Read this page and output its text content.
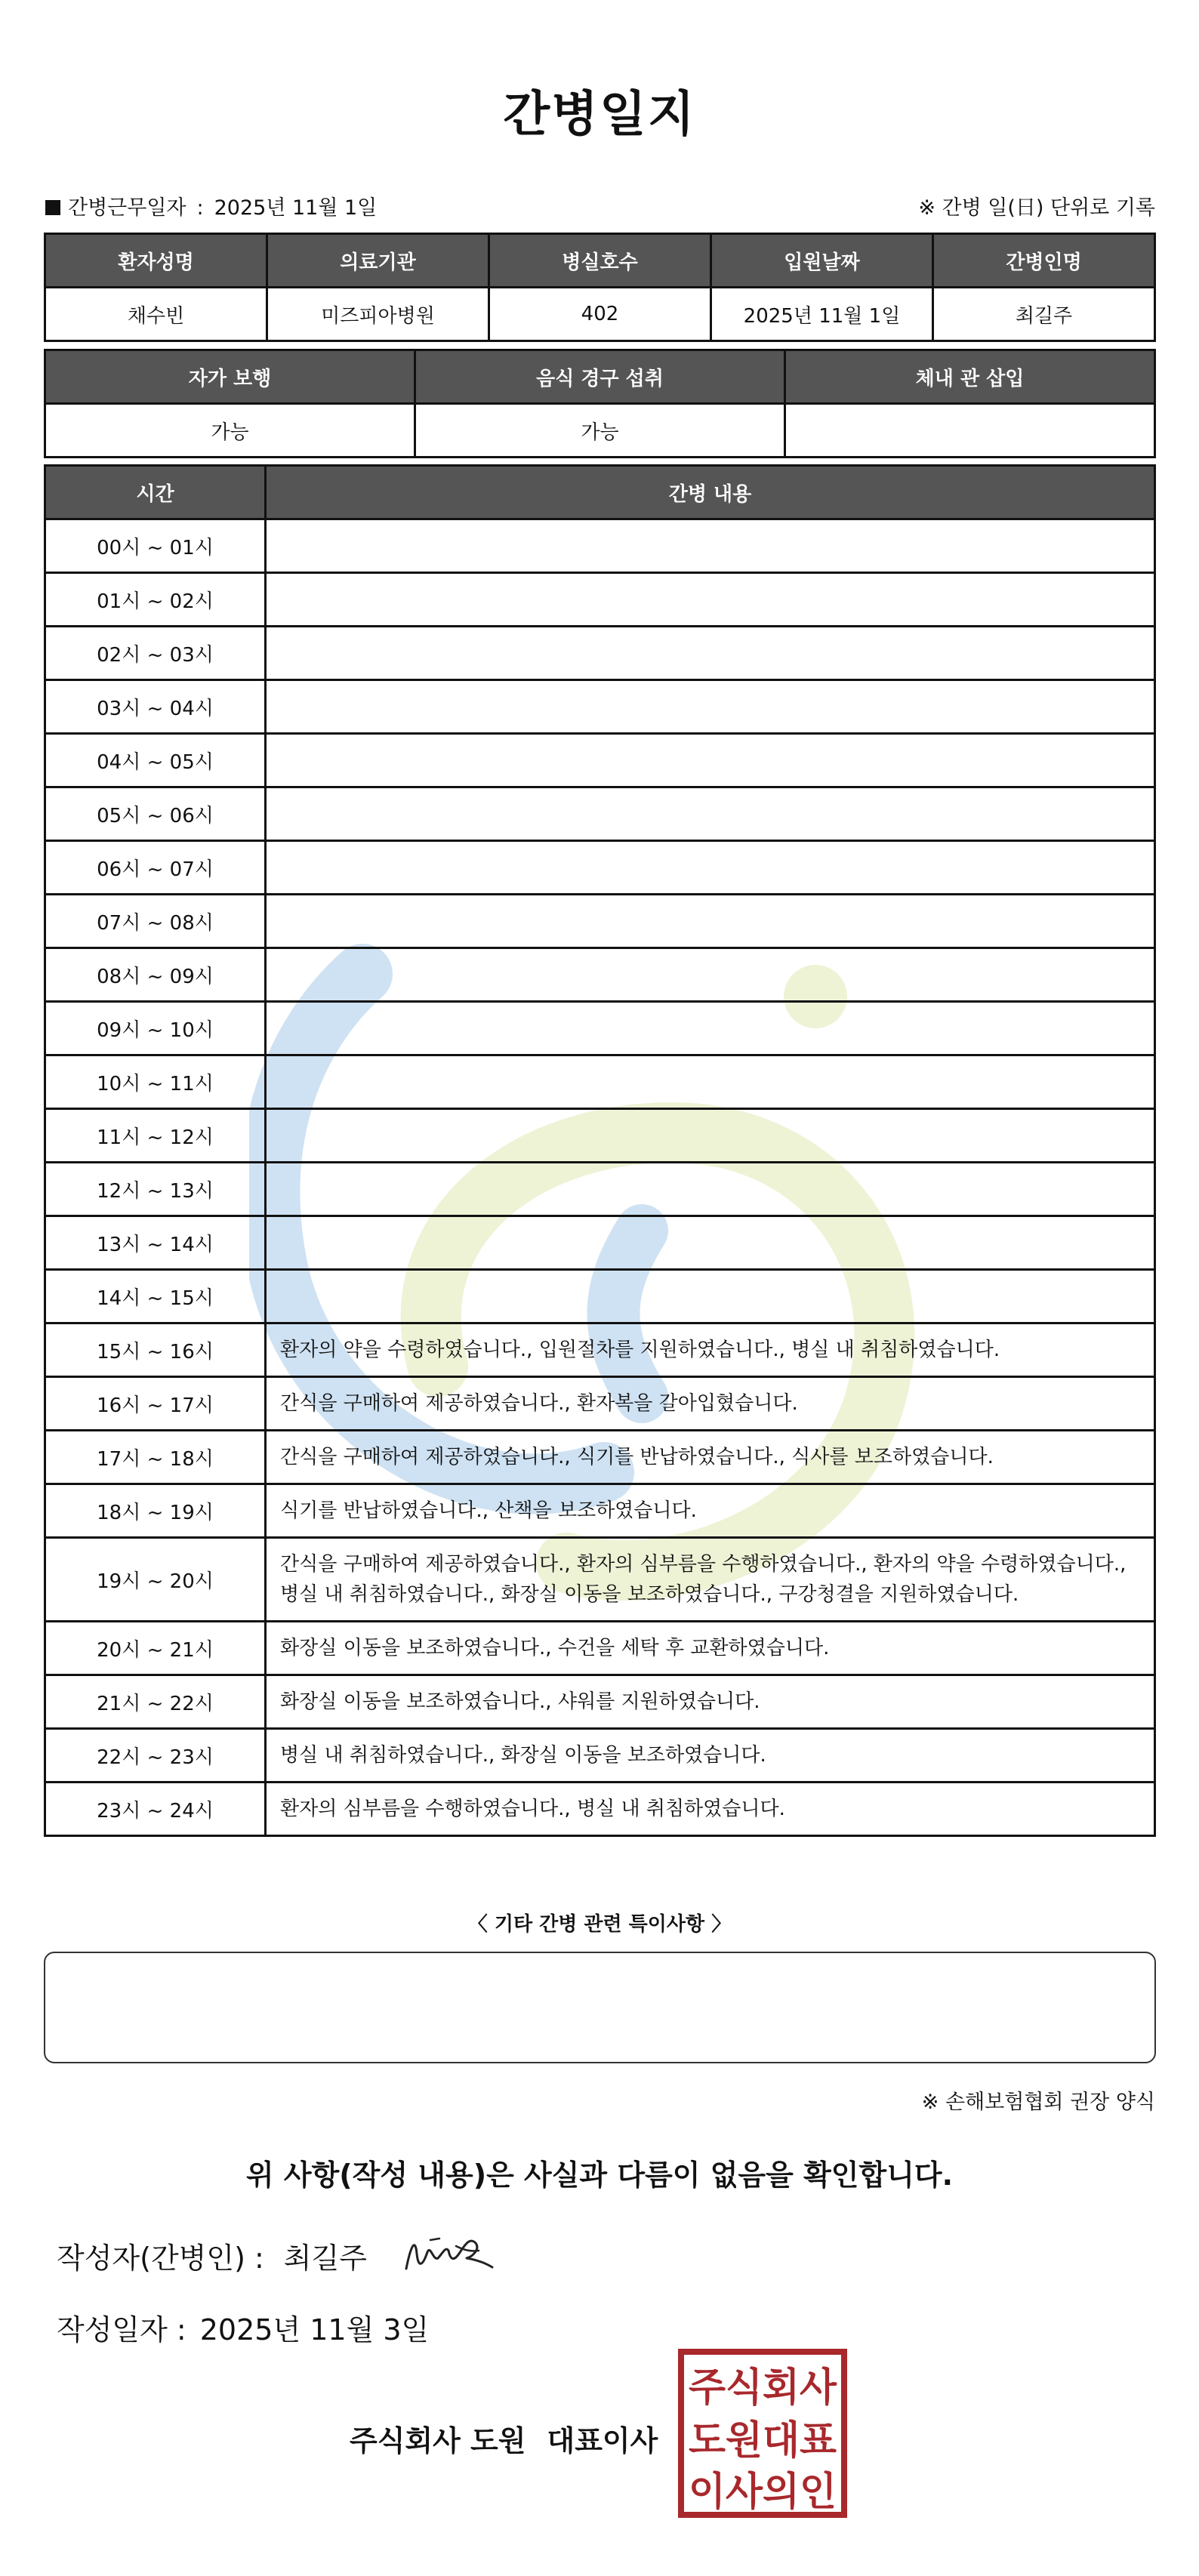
간병일지
간병근무일자 : 2025년 11월 1일	※ 간병 일(日) 단위로 기록
환자성명	의료기관	병실호수	입원날짜	간병인명
채수빈	미즈피아병원	402	2025년 11월 1일	최길주
자가 보행	음식 경구 섭취	체내 관 삽입
가능	가능	
시간	간병 내용
00시 ~ 01시	
01시 ~ 02시	
02시 ~ 03시	
03시 ~ 04시	
04시 ~ 05시	
05시 ~ 06시	
06시 ~ 07시	
07시 ~ 08시	
08시 ~ 09시	
09시 ~ 10시	
10시 ~ 11시	
11시 ~ 12시	
12시 ~ 13시	
13시 ~ 14시	
14시 ~ 15시	
15시 ~ 16시	환자의 약을 수령하였습니다., 입원절차를 지원하였습니다., 병실 내 취침하였습니다.
16시 ~ 17시	간식을 구매하여 제공하였습니다., 환자복을 갈아입혔습니다.
17시 ~ 18시	간식을 구매하여 제공하였습니다., 식기를 반납하였습니다., 식사를 보조하였습니다.
18시 ~ 19시	식기를 반납하였습니다., 산책을 보조하였습니다.
19시 ~ 20시	간식을 구매하여 제공하였습니다., 환자의 심부름을 수행하였습니다., 환자의 약을 수령하였습니다., 병실 내 취침하였습니다., 화장실 이동을 보조하였습니다., 구강청결을 지원하였습니다.
20시 ~ 21시	화장실 이동을 보조하였습니다., 수건을 세탁 후 교환하였습니다.
21시 ~ 22시	화장실 이동을 보조하였습니다., 샤워를 지원하였습니다.
22시 ~ 23시	병실 내 취침하였습니다., 화장실 이동을 보조하였습니다.
23시 ~ 24시	환자의 심부름을 수행하였습니다., 병실 내 취침하였습니다.
〈 기타 간병 관련 특이사항 〉
※ 손해보험협회 권장 양식
위 사항(작성 내용)은 사실과 다름이 없음을 확인합니다.
작성자(간병인) : 최길주
작성일자 : 2025년 11월 3일
주식회사 도원 대표이사
주식회사
도원대표
이사의인
